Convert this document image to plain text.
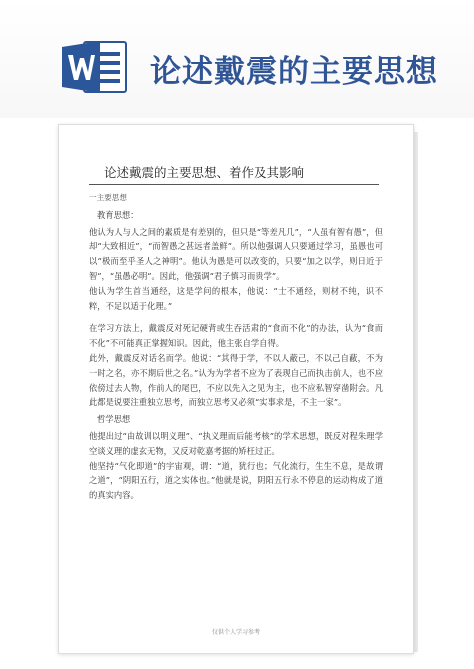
论述戴震的主要思想
论述戴震的主要思想、着作及其影响

一主要思想

教育思想：

他认为人与人之间的素质是有差别的，但只是“等差凡几”，“人虽有智有愚”，但却“大致相近”，“而智愚之甚远者盖鲜”。所以他强调人只要通过学习，虽愚也可以“极而至乎圣人之神明”。他认为愚是可以改变的，只要“加之以学，则日近于智”，“虽愚必明”。因此，他强调“君子慎习而贵学”。

他认为学生首当通经，这是学问的根本，他说：“士不通经，则材不纯，识不粹，不足以适于化理。”

在学习方法上，戴震反对死记硬背或生吞活肃的“食而不化”的办法，认为“食而不化”不可能真正掌握知识。因此，他主张自学自得。

此外，戴震反对话名而学。他说：“其得于学，不以人蔽己，不以己自蔽，不为一时之名，亦不期后世之名。”认为为学者不应为了表现自己而执击前人，也不应依傍过去人物，作前人的尾巴，不应以先入之见为主，也不应私智穿凿附会。凡此都是说要注重独立思考，而独立思考又必须“实事求是，不主一家”。

哲学思想

他提出过“由故训以明义理”、“执义理而后能考核”的学术思想，既反对程朱理学空谈义理的虚玄无物，又反对乾嘉考据的矫枉过正。

他坚持“气化即道”的宇宙观，谓：“道，犹行也；气化流行，生生不息，是故谓之道”，“阴阳五行，道之实体也。”他就是说，阴阳五行永不停息的运动构成了道的真实内容。

仅供个人学习参考
